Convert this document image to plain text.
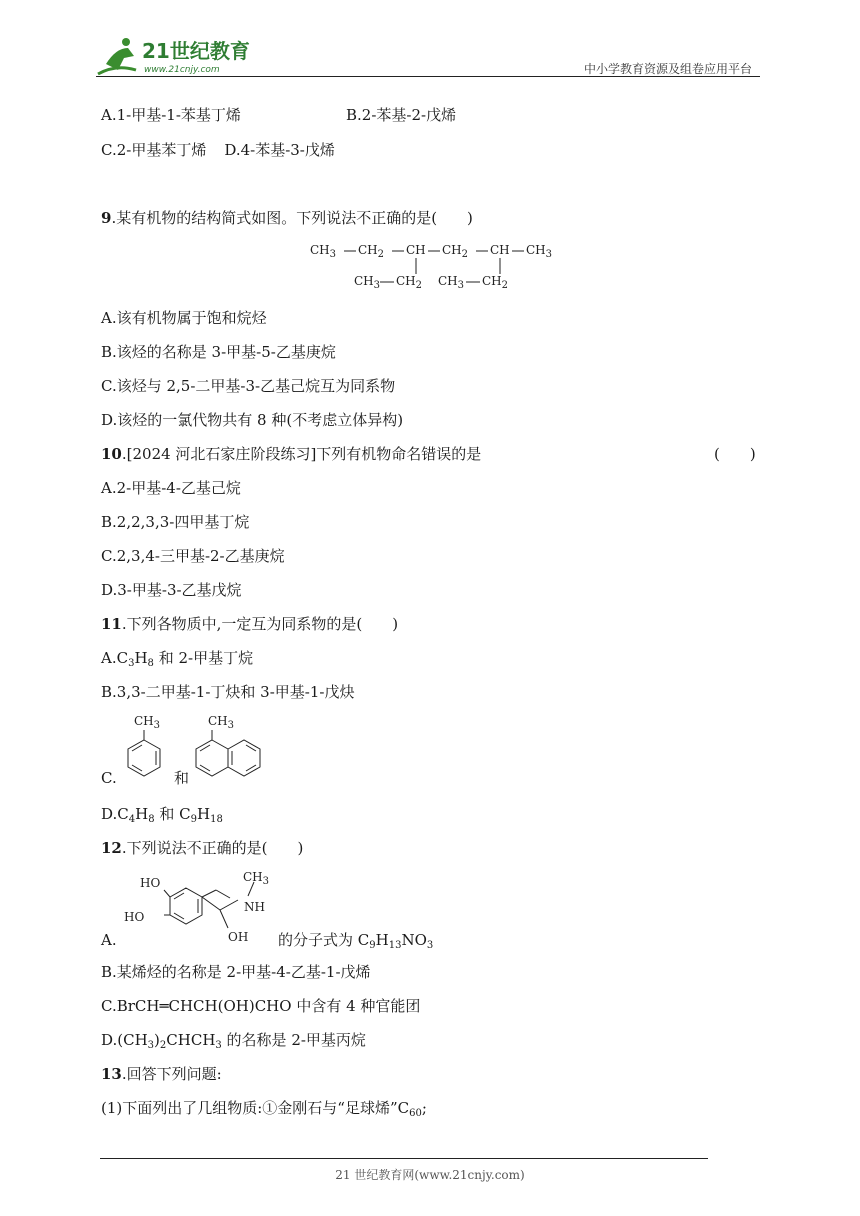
21世纪教育
www.21cnjy.com	中小学教育资源及组卷应用平台
A.1-甲基-1-苯基丁烯	B.2-苯基-2-戊烯
C.2-甲基苯丁烯 D.4-苯基-3-戊烯
9.某有机物的结构简式如图。下列说法不正确的是(　　)
$CH_3$ $CH_2$ CH $CH_2$ CH $CH_3$
$CH_3$ $CH_2$ $CH_3$ $CH_2$
A.该有机物属于饱和烷烃
B.该烃的名称是 3-甲基-5-乙基庚烷
C.该烃与 2,5-二甲基-3-乙基己烷互为同系物
D.该烃的一氯代物共有 8 种(不考虑立体异构)
10.[2024 河北石家庄阶段练习]下列有机物命名错误的是	(　　)
A.2-甲基-4-乙基己烷
B.2,2,3,3-四甲基丁烷
C.2,3,4-三甲基-2-乙基庚烷
D.3-甲基-3-乙基戊烷
11.下列各物质中,一定互为同系物的是(　　)
$A.C_3H_8$ 和 2-甲基丁烷
B.3,3-二甲基-1-丁炔和 3-甲基-1-戊炔
C.
$CH_3$
和
$CH_3$
$D.C_4H_8$ 和 $C_9H_{18}$
12.下列说法不正确的是(　　)
A.
HO
HO
$CH_3$
NH
OH 的分子式为 $C_9H_{13}NO_3$
B.某烯烃的名称是 2-甲基-4-乙基-1-戊烯
C.BrCH═CHCH(OH)CHO 中含有 4 种官能团
$D.(CH_3)_2CHCH_3$ 的名称是 2-甲基丙烷
13.回答下列问题:
(1)下面列出了几组物质:①金刚石与“足球烯$”C_{60}$;
21 世纪教育网(www.21cnjy.com)
